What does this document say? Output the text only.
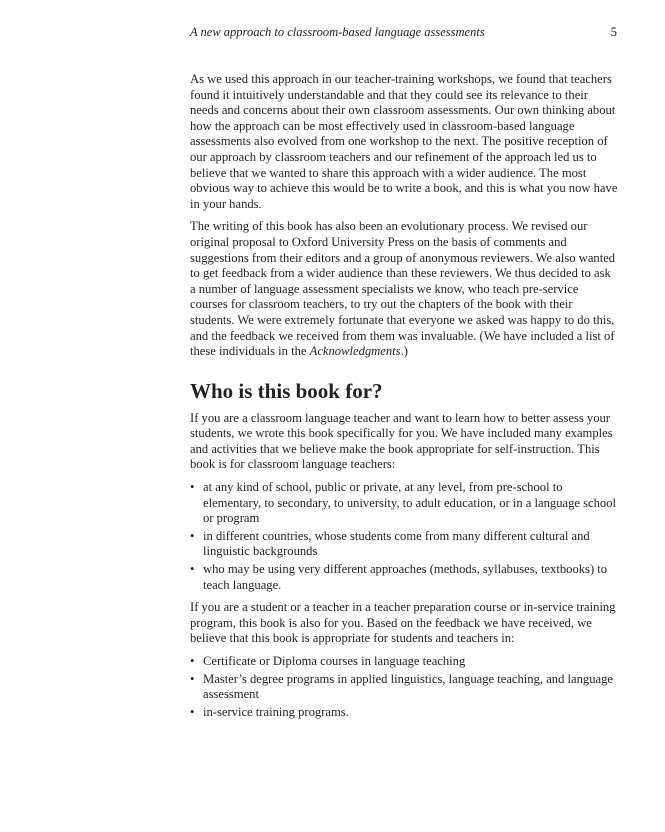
A new approach to classroom-based language assessments	5

As we used this approach in our teacher-training workshops, we found that teachers found it intuitively understandable and that they could see its relevance to their needs and concerns about their own classroom assessments. Our own thinking about how the approach can be most effectively used in classroom-based language assessments also evolved from one workshop to the next. The positive reception of our approach by classroom teachers and our refinement of the approach led us to believe that we wanted to share this approach with a wider audience. The most obvious way to achieve this would be to write a book, and this is what you now have in your hands.

The writing of this book has also been an evolutionary process. We revised our original proposal to Oxford University Press on the basis of comments and suggestions from their editors and a group of anonymous reviewers. We also wanted to get feedback from a wider audience than these reviewers. We thus decided to ask a number of language assessment specialists we know, who teach pre-service courses for classroom teachers, to try out the chapters of the book with their students. We were extremely fortunate that everyone we asked was happy to do this, and the feedback we received from them was invaluable. (We have included a list of these individuals in the Acknowledgments.)

Who is this book for?

If you are a classroom language teacher and want to learn how to better assess your students, we wrote this book specifically for you. We have included many examples and activities that we believe make the book appropriate for self-instruction. This book is for classroom language teachers:

• at any kind of school, public or private, at any level, from pre-school to elementary, to secondary, to university, to adult education, or in a language school or program
• in different countries, whose students come from many different cultural and linguistic backgrounds
• who may be using very different approaches (methods, syllabuses, textbooks) to teach language.

If you are a student or a teacher in a teacher preparation course or in-service training program, this book is also for you. Based on the feedback we have received, we believe that this book is appropriate for students and teachers in:

• Certificate or Diploma courses in language teaching
• Master’s degree programs in applied linguistics, language teaching, and language assessment
• in-service training programs.
